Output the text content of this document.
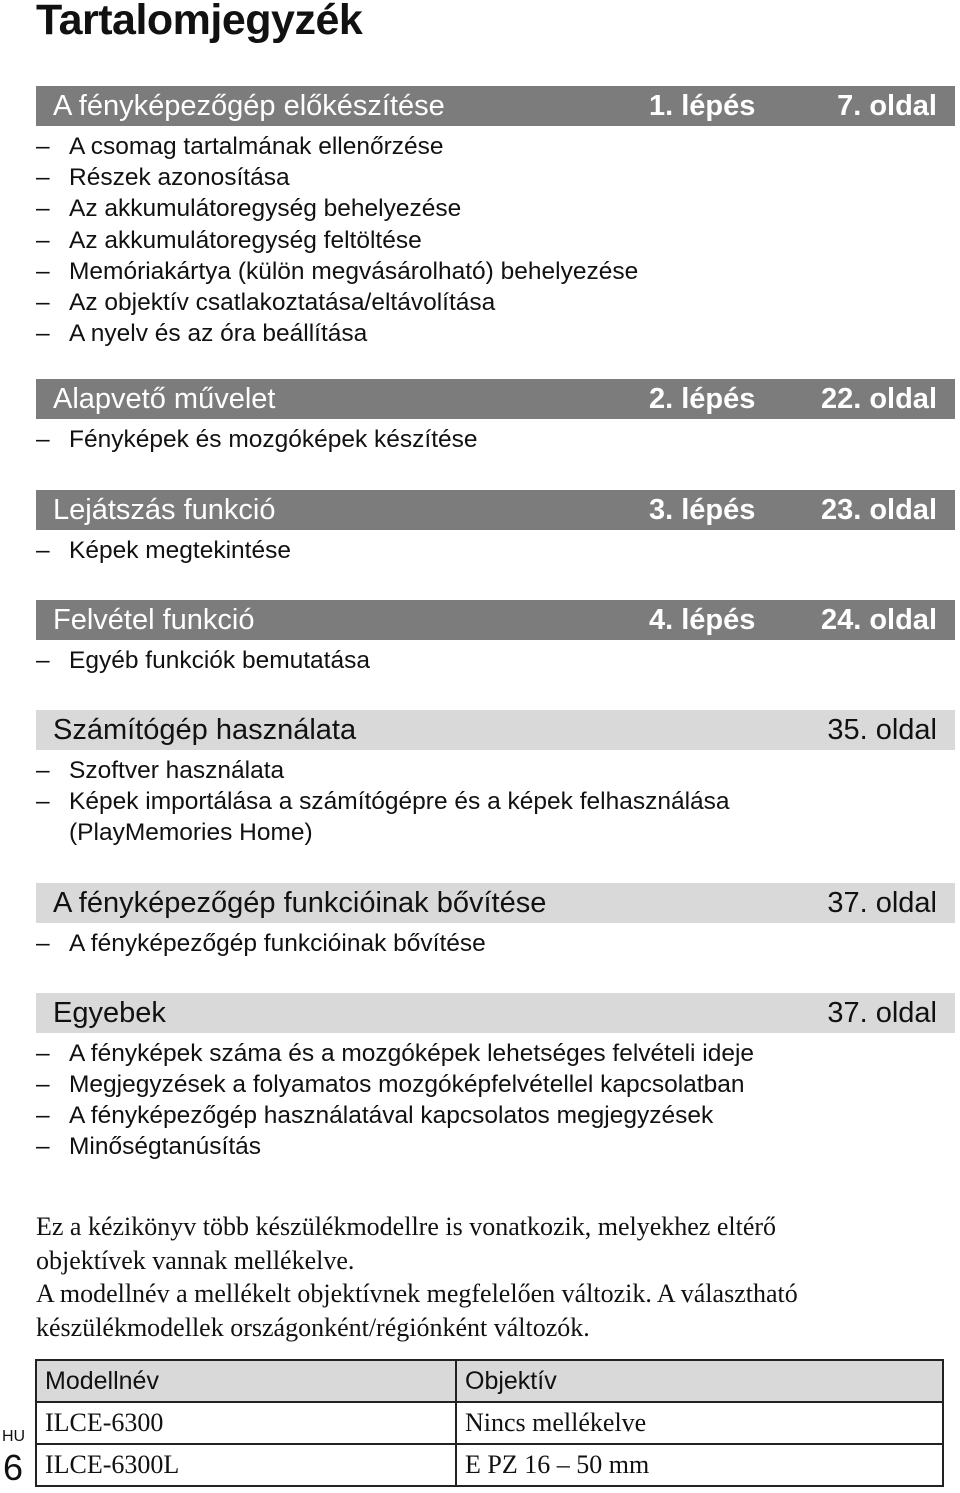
Tartalomjegyzék
A fényképezőgép előkészítése	1. lépés	7. oldal
– A csomag tartalmának ellenőrzése
– Részek azonosítása
– Az akkumulátoregység behelyezése
– Az akkumulátoregység feltöltése
– Memóriakártya (külön megvásárolható) behelyezése
– Az objektív csatlakoztatása/eltávolítása
– A nyelv és az óra beállítása
Alapvető művelet	2. lépés 22. oldal
– Fényképek és mozgóképek készítése
Lejátszás funkció	3. lépés 23. oldal
– Képek megtekintése
Felvétel funkció	4. lépés 24. oldal
– Egyéb funkciók bemutatása
Számítógép használata	35. oldal
– Szoftver használata
– Képek importálása a számítógépre és a képek felhasználása
(PlayMemories Home)
A fényképezőgép funkcióinak bővítése	37. oldal
– A fényképezőgép funkcióinak bővítése
Egyebek	37. oldal
– A fényképek száma és a mozgóképek lehetséges felvételi ideje
– Megjegyzések a folyamatos mozgóképfelvétellel kapcsolatban
– A fényképezőgép használatával kapcsolatos megjegyzések
– Minőségtanúsítás

Ez a kézikönyv több készülékmodellre is vonatkozik, melyekhez eltérő

objektívek vannak mellékelve.

A modellnév a mellékelt objektívnek megfelelően változik. A választható

készülékmodellek országonként/régiónként változók.

Modellnév	Objektív
ILCE-6300	Nincs mellékelve
ILCE-6300L	E PZ 16 – 50 mm
HU
6
